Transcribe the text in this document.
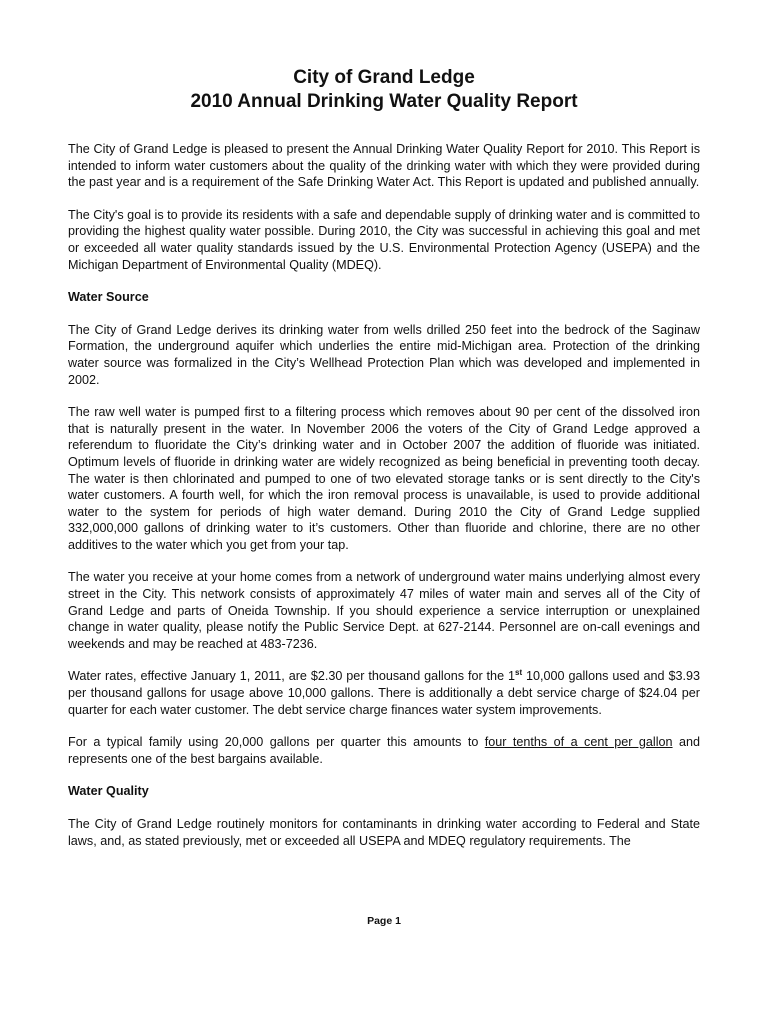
City of Grand Ledge
2010 Annual Drinking Water Quality Report

The City of Grand Ledge is pleased to present the Annual Drinking Water Quality Report for 2010. This Report is intended to inform water customers about the quality of the drinking water with which they were provided during the past year and is a requirement of the Safe Drinking Water Act. This Report is updated and published annually.

The City's goal is to provide its residents with a safe and dependable supply of drinking water and is committed to providing the highest quality water possible. During 2010, the City was successful in achieving this goal and met or exceeded all water quality standards issued by the U.S. Environmental Protection Agency (USEPA) and the Michigan Department of Environmental Quality (MDEQ).

Water Source

The City of Grand Ledge derives its drinking water from wells drilled 250 feet into the bedrock of the Saginaw Formation, the underground aquifer which underlies the entire mid-Michigan area. Protection of the drinking water source was formalized in the City’s Wellhead Protection Plan which was developed and implemented in 2002.

The raw well water is pumped first to a filtering process which removes about 90 per cent of the dissolved iron that is naturally present in the water. In November 2006 the voters of the City of Grand Ledge approved a referendum to fluoridate the City’s drinking water and in October 2007 the addition of fluoride was initiated. Optimum levels of fluoride in drinking water are widely recognized as being beneficial in preventing tooth decay. The water is then chlorinated and pumped to one of two elevated storage tanks or is sent directly to the City's water customers. A fourth well, for which the iron removal process is unavailable, is used to provide additional water to the system for periods of high water demand. During 2010 the City of Grand Ledge supplied 332,000,000 gallons of drinking water to it’s customers. Other than fluoride and chlorine, there are no other additives to the water which you get from your tap.

The water you receive at your home comes from a network of underground water mains underlying almost every street in the City. This network consists of approximately 47 miles of water main and serves all of the City of Grand Ledge and parts of Oneida Township. If you should experience a service interruption or unexplained change in water quality, please notify the Public Service Dept. at 627-2144. Personnel are on-call evenings and weekends and may be reached at 483-7236.

Water rates, effective January 1, 2011, are $2.30 per thousand gallons for the 1st 10,000 gallons used and $3.93 per thousand gallons for usage above 10,000 gallons. There is additionally a debt service charge of $24.04 per quarter for each water customer. The debt service charge finances water system improvements.

For a typical family using 20,000 gallons per quarter this amounts to four tenths of a cent per gallon and represents one of the best bargains available.

Water Quality

The City of Grand Ledge routinely monitors for contaminants in drinking water according to Federal and State laws, and, as stated previously, met or exceeded all USEPA and MDEQ regulatory requirements. The

Page 1
